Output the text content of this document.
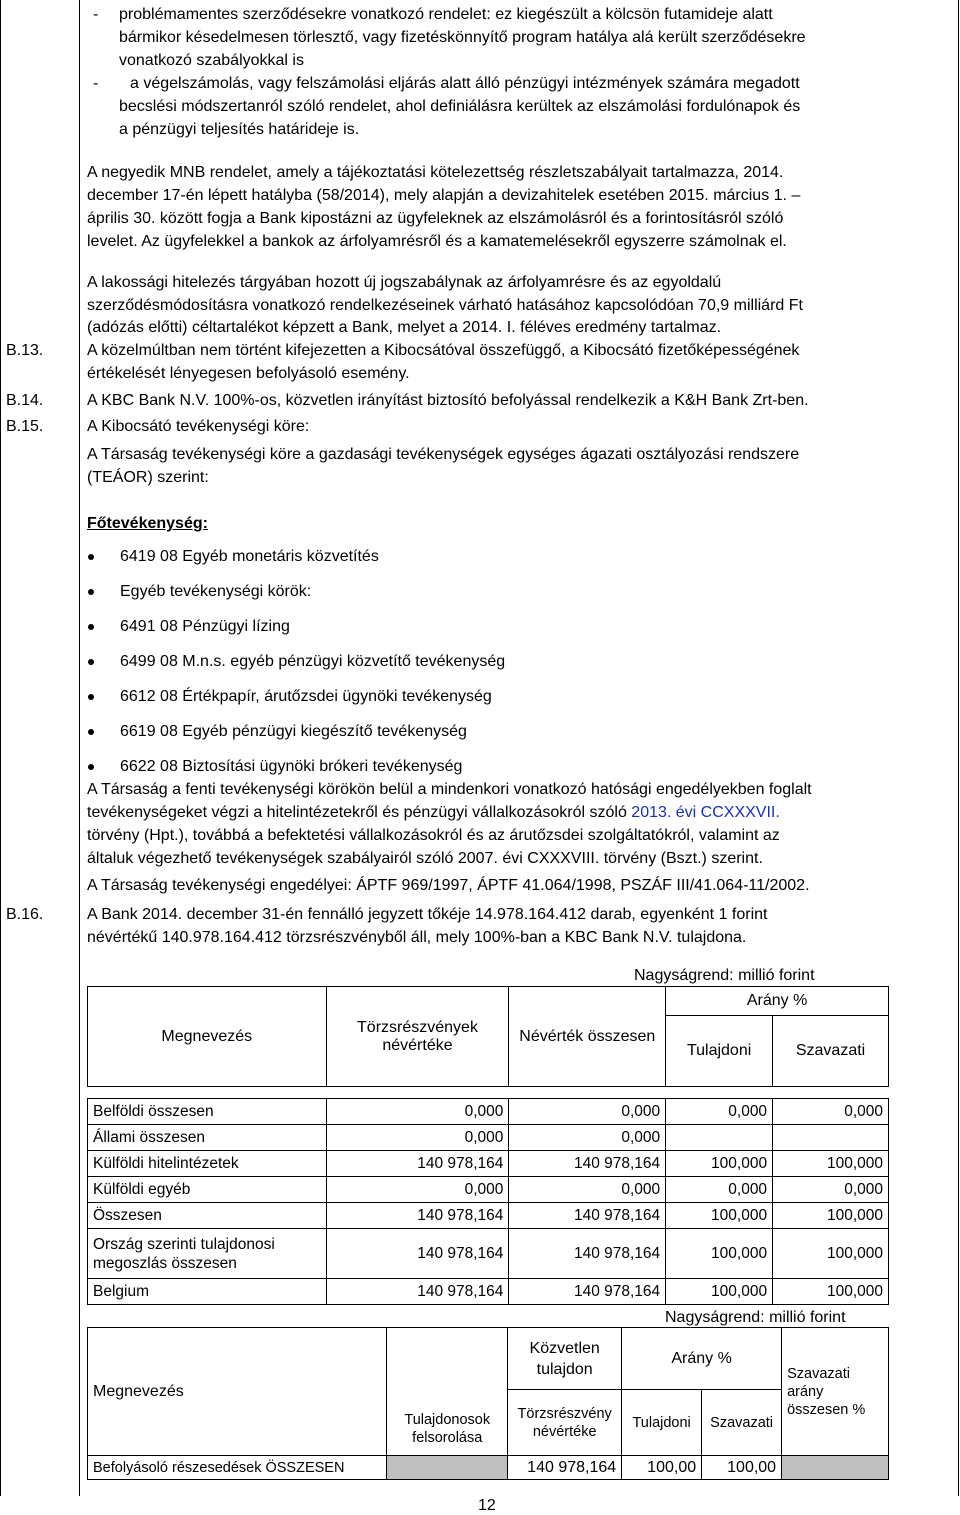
- problémamentes szerződésekre vonatkozó rendelet: ez kiegészült a kölcsön futamideje alatt

bármikor késedelmesen törlesztő, vagy fizetéskönnyítő program hatálya alá került szerződésekre

vonatkozó szabályokkal is

- a végelszámolás, vagy felszámolási eljárás alatt álló pénzügyi intézmények számára megadott

becslési módszertanról szóló rendelet, ahol definiálásra kerültek az elszámolási fordulónapok és

a pénzügyi teljesítés határideje is.

A negyedik MNB rendelet, amely a tájékoztatási kötelezettség részletszabályait tartalmazza, 2014.

december 17-én lépett hatályba (58/2014), mely alapján a devizahitelek esetében 2015. március 1. –

április 30. között fogja a Bank kipostázni az ügyfeleknek az elszámolásról és a forintosításról szóló

levelet. Az ügyfelekkel a bankok az árfolyamrésről és a kamatemelésekről egyszerre számolnak el.

A lakossági hitelezés tárgyában hozott új jogszabálynak az árfolyamrésre és az egyoldalú

szerződésmódosításra vonatkozó rendelkezéseinek várható hatásához kapcsolódóan 70,9 milliárd Ft

(adózás előtti) céltartalékot képzett a Bank, melyet a 2014. I. féléves eredmény tartalmaz.

B.13.	A közelmúltban nem történt kifejezetten a Kibocsátóval összefüggő, a Kibocsátó fizetőképességének

értékelését lényegesen befolyásoló esemény.

B.14.	A KBC Bank N.V. 100%-os, közvetlen irányítást biztosító befolyással rendelkezik a K&H Bank Zrt-ben.

B.15.	A Kibocsátó tevékenységi köre:

A Társaság tevékenységi köre a gazdasági tevékenységek egységes ágazati osztályozási rendszere

(TEÁOR) szerint:

Főtevékenység:

6419 08 Egyéb monetáris közvetítés

Egyéb tevékenységi körök:

6491 08 Pénzügyi lízing

6499 08 M.n.s. egyéb pénzügyi közvetítő tevékenység

6612 08 Értékpapír, árutőzsdei ügynöki tevékenység

6619 08 Egyéb pénzügyi kiegészítő tevékenység

6622 08 Biztosítási ügynöki brókeri tevékenység

A Társaság a fenti tevékenységi körökön belül a mindenkori vonatkozó hatósági engedélyekben foglalt

tevékenységeket végzi a hitelintézetekről és pénzügyi vállalkozásokról szóló 2013. évi CCXXXVII.

törvény (Hpt.), továbbá a befektetési vállalkozásokról és az árutőzsdei szolgáltatókról, valamint az

általuk végezhető tevékenységek szabályairól szóló 2007. évi CXXXVIII. törvény (Bszt.) szerint.

A Társaság tevékenységi engedélyei: ÁPTF 969/1997, ÁPTF 41.064/1998, PSZÁF III/41.064-11/2002.

B.16.	A Bank 2014. december 31-én fennálló jegyzett tőkéje 14.978.164.412 darab, egyenként 1 forint

névértékű 140.978.164.412 törzsrészvényből áll, mely 100%-ban a KBC Bank N.V. tulajdona.

Nagyságrend: millió forint

Megnevezés	Törzsrészvények névértéke	Névérték összesen	Arány %	
			Tulajdoni	Szavazati

Belföldi összesen	0,000	0,000	0,000	0,000
Állami összesen	0,000	0,000		
Külföldi hitelintézetek	140 978,164	140 978,164	100,000	100,000
Külföldi egyéb	0,000	0,000	0,000	0,000
Összesen	140 978,164	140 978,164	100,000	100,000
Ország szerinti tulajdonosi megoszlás összesen	140 978,164	140 978,164	100,000	100,000
Belgium	140 978,164	140 978,164	100,000	100,000

Nagyságrend: millió forint

Megnevezés	Tulajdonosok felsorolása	Közvetlen tulajdon	Arány %		Szavazati arány összesen %
		Törzsrészvény névértéke	Tulajdoni	Szavazati	
Befolyásoló részesedések ÖSSZESEN		140 978,164	100,00	100,00	
12
